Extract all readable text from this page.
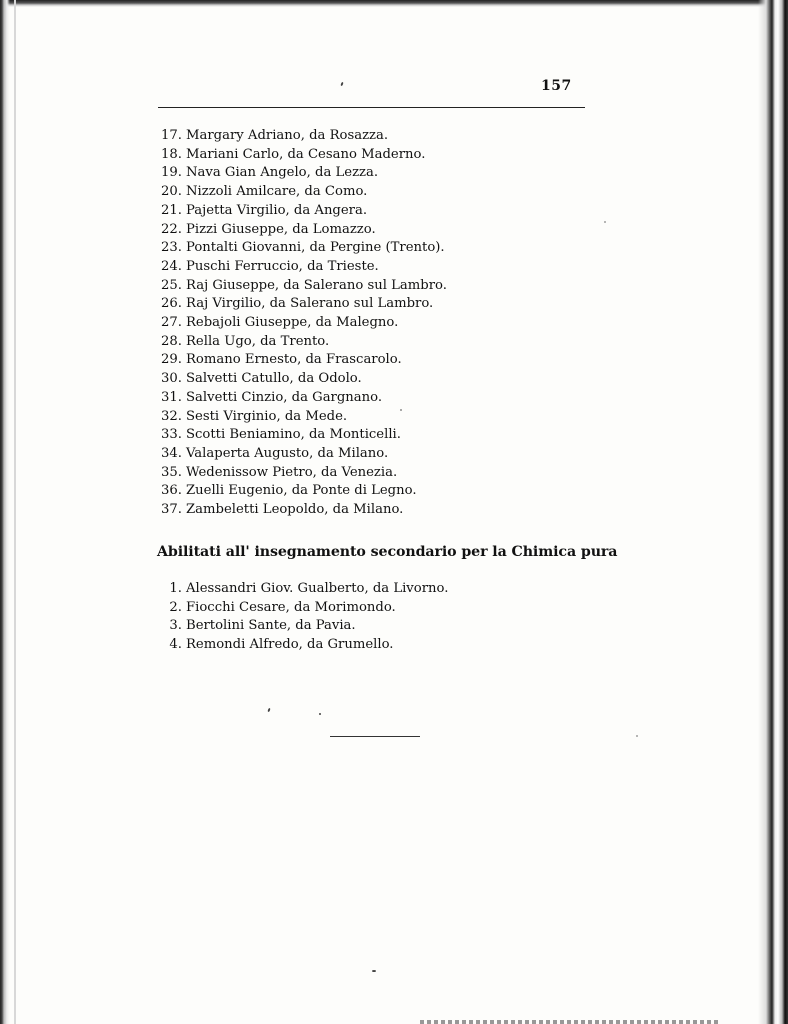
157
17. Margary Adriano, da Rosazza.
18. Mariani Carlo, da Cesano Maderno.
19. Nava Gian Angelo, da Lezza.
20. Nizzoli Amilcare, da Como.
21. Pajetta Virgilio, da Angera.
22. Pizzi Giuseppe, da Lomazzo.
23. Pontalti Giovanni, da Pergine (Trento).
24. Puschi Ferruccio, da Trieste.
25. Raj Giuseppe, da Salerano sul Lambro.
26. Raj Virgilio, da Salerano sul Lambro.
27. Rebajoli Giuseppe, da Malegno.
28. Rella Ugo, da Trento.
29. Romano Ernesto, da Frascarolo.
30. Salvetti Catullo, da Odolo.
31. Salvetti Cinzio, da Gargnano.
32. Sesti Virginio, da Mede.
33. Scotti Beniamino, da Monticelli.
34. Valaperta Augusto, da Milano.
35. Wedenissow Pietro, da Venezia.
36. Zuelli Eugenio, da Ponte di Legno.
37. Zambeletti Leopoldo, da Milano.
Abilitati all' insegnamento secondario per la Chimica pura
1. Alessandri Giov. Gualberto, da Livorno.
2. Fiocchi Cesare, da Morimondo.
3. Bertolini Sante, da Pavia.
4. Remondi Alfredo, da Grumello.
